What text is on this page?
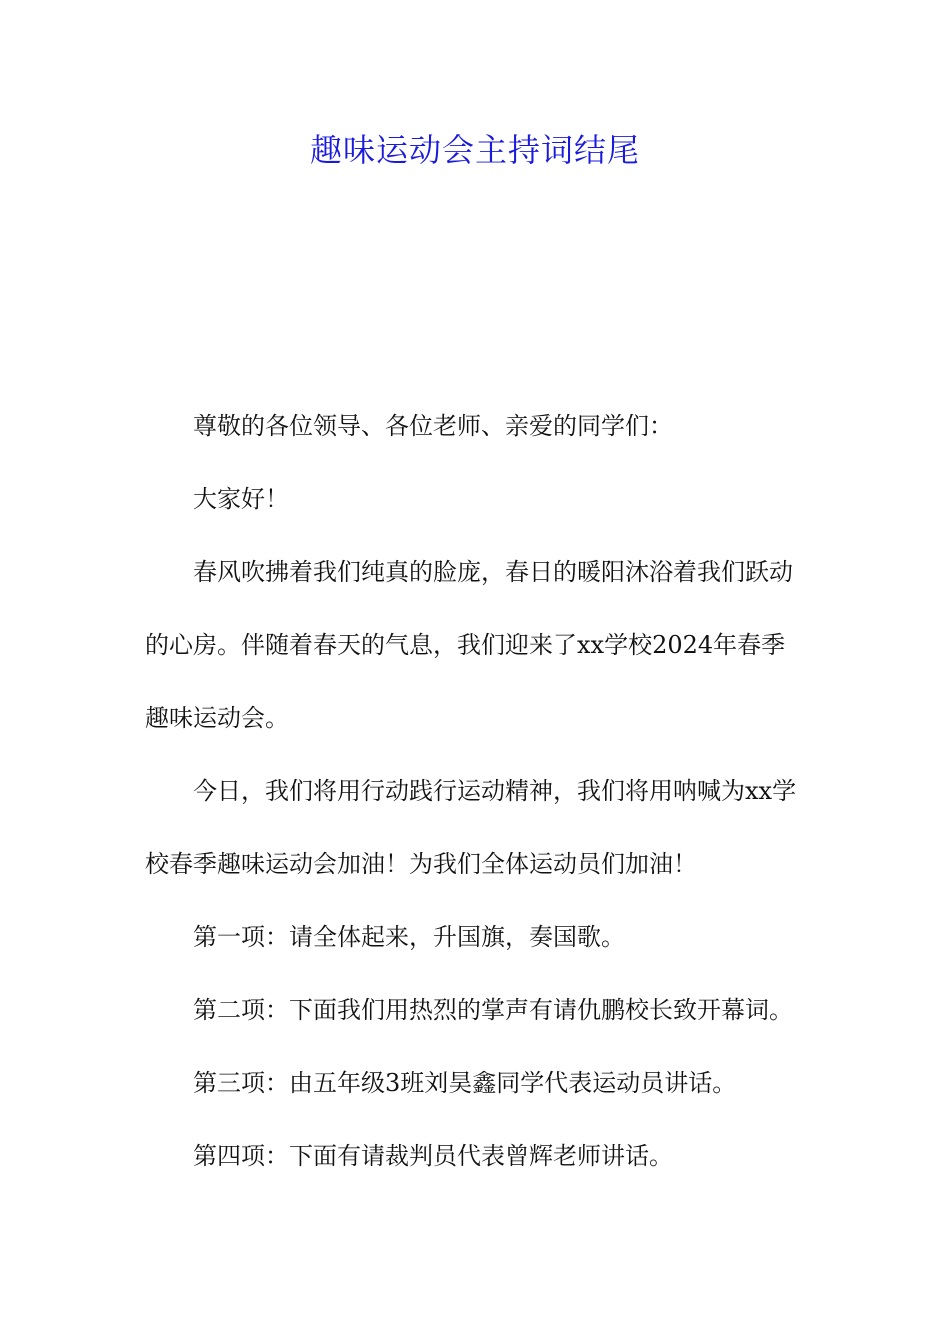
趣味运动会主持词结尾

尊敬的各位领导、各位老师、亲爱的同学们：

大家好！

春风吹拂着我们纯真的脸庞，春日的暖阳沐浴着我们跃动的心房。伴随着春天的气息，我们迎来了xx学校2024年春季趣味运动会。

今日，我们将用行动践行运动精神，我们将用呐喊为xx学校春季趣味运动会加油！为我们全体运动员们加油！

第一项：请全体起来，升国旗，奏国歌。

第二项：下面我们用热烈的掌声有请仇鹏校长致开幕词。

第三项：由五年级3班刘昊鑫同学代表运动员讲话。

第四项：下面有请裁判员代表曾辉老师讲话。
